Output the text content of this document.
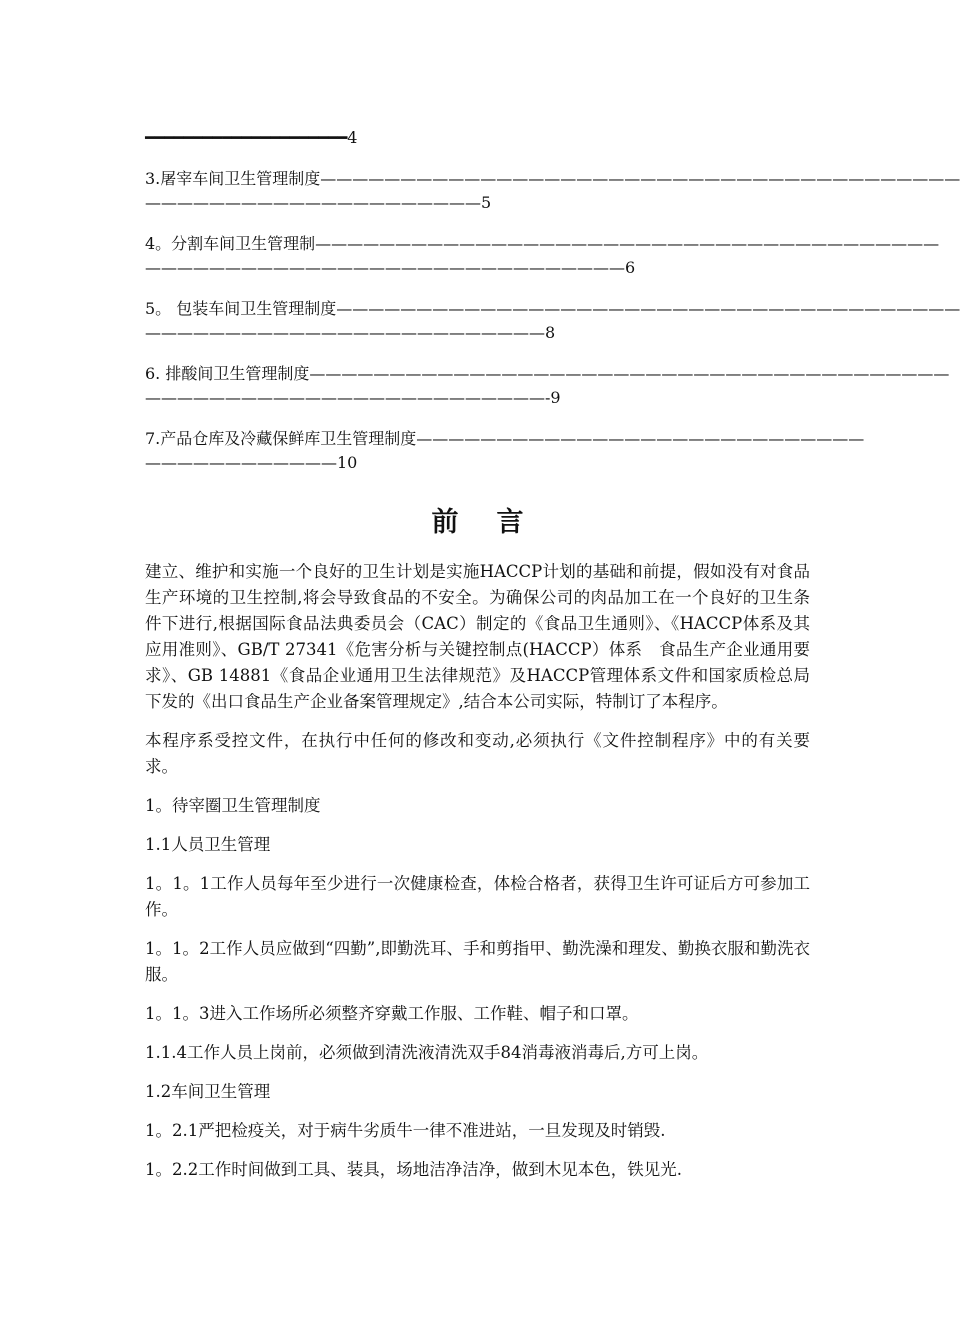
━━━━━━━━━━━━━━━━━━━━━4

3.屠宰车间卫生管理制度————————————————————————————————————————

—————————————————————5

4。分割车间卫生管理制———————————————————————————————————————

——————————————————————————————6

5。 包装车间卫生管理制度———————————————————————————————————————

—————————————————————————8

6. 排酸间卫生管理制度————————————————————————————————————————

—————————————————————————-9

7.产品仓库及冷藏保鲜库卫生管理制度————————————————————————————

————————————10

前言

建立、维护和实施一个良好的卫生计划是实施HACCP计划的基础和前提，假如没有对食品生产环境的卫生控制,将会导致食品的不安全。为确保公司的肉品加工在一个良好的卫生条件下进行,根据国际食品法典委员会（CAC）制定的《食品卫生通则》、《HACCP体系及其应用准则》、GB/T 27341《危害分析与关键控制点(HACCP）体系　食品生产企业通用要求》、GB 14881《食品企业通用卫生法律规范》及HACCP管理体系文件和国家质检总局下发的《出口食品生产企业备案管理规定》,结合本公司实际，特制订了本程序。

本程序系受控文件，在执行中任何的修改和变动,必须执行《文件控制程序》中的有关要求。

1。待宰圈卫生管理制度

1.1人员卫生管理

1。1。1工作人员每年至少进行一次健康检查，体检合格者，获得卫生许可证后方可参加工作。

1。1。2工作人员应做到“四勤”,即勤洗耳、手和剪指甲、勤洗澡和理发、勤换衣服和勤洗衣服。

1。1。3进入工作场所必须整齐穿戴工作服、工作鞋、帽子和口罩。

1.1.4工作人员上岗前，必须做到清洗液清洗双手84消毒液消毒后,方可上岗。

1.2车间卫生管理

1。2.1严把检疫关，对于病牛劣质牛一律不准进站，一旦发现及时销毁.

1。2.2工作时间做到工具、装具，场地洁净洁净，做到木见本色，铁见光.
